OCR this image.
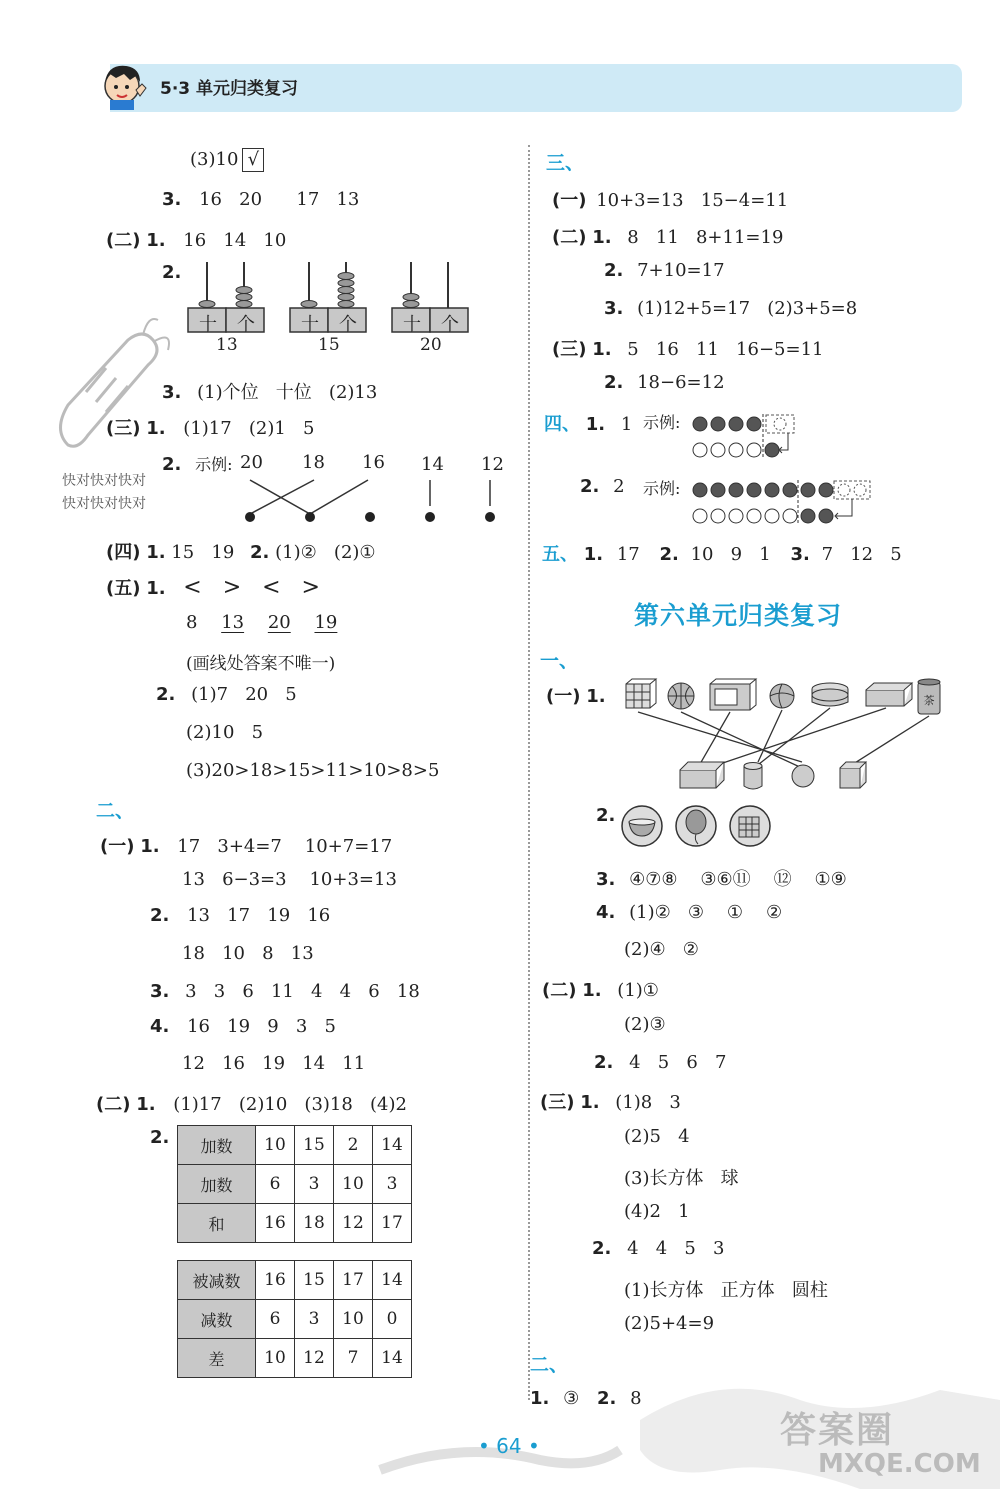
5·3 单元归类复习
(3)10 √
3. 16   20      17   13
(二) 1. 16   14   10
2.
十 个
13
十 个
15
十 个
20
3. (1)个位   十位   (2)13
(三) 1. (1)17   (2)1   5
2. 示例: 20 18 16 14 12
快对快对快对
快对快对快对
(四) 1. 15   19 2. (1)②   (2)①
(五) 1. <   >   <   >
8 13 20 19
(画线处答案不唯一)
2. (1)7   20   5
(2)10   5
(3)20>18>15>11>10>8>5
二、
(一) 1. 17   3+4=7    10+7=17
13   6−3=3    10+3=13
2. 13   17   19   16
18   10   8   13
3. 3   3   6   11   4   4   6   18
4. 16   19   9   3   5
12   16   19   14   11
(二) 1. (1)17   (2)10   (3)18   (4)2
2. 加数	10	15	2	14
加数	6	3	10	3
和	16	18	12	17
被减数	16	15	17	14
减数	6	3	10	0
差	10	12	7	14
三、
(一) 10+3=13   15−4=11
(二) 1. 8   11   8+11=19
2. 7+10=17
3. (1)12+5=17   (2)3+5=8
(三) 1. 5   16   11   16−5=11
2. 18−6=12
四、 1. 1 示例:
2. 2 示例:
五、 1. 17 2. 10   9   1 3. 7   12   5
第六单元归类复习
一、
(一) 1.	茶
2.
3. ④⑦⑧    ③⑥⑪    ⑫    ①⑨
4. (1)②   ③    ①    ②
(2)④   ②
(二) 1. (1)①
(2)③
2. 4   5   6   7
(三) 1. (1)8   3
(2)5   4
(3)长方体   球
(4)2   1
2. 4   4   5   3
(1)长方体   正方体   圆柱
(2)5+4=9
二、
1. ③ 2. 8
• 64 •	答案圈
MXQE.COM
